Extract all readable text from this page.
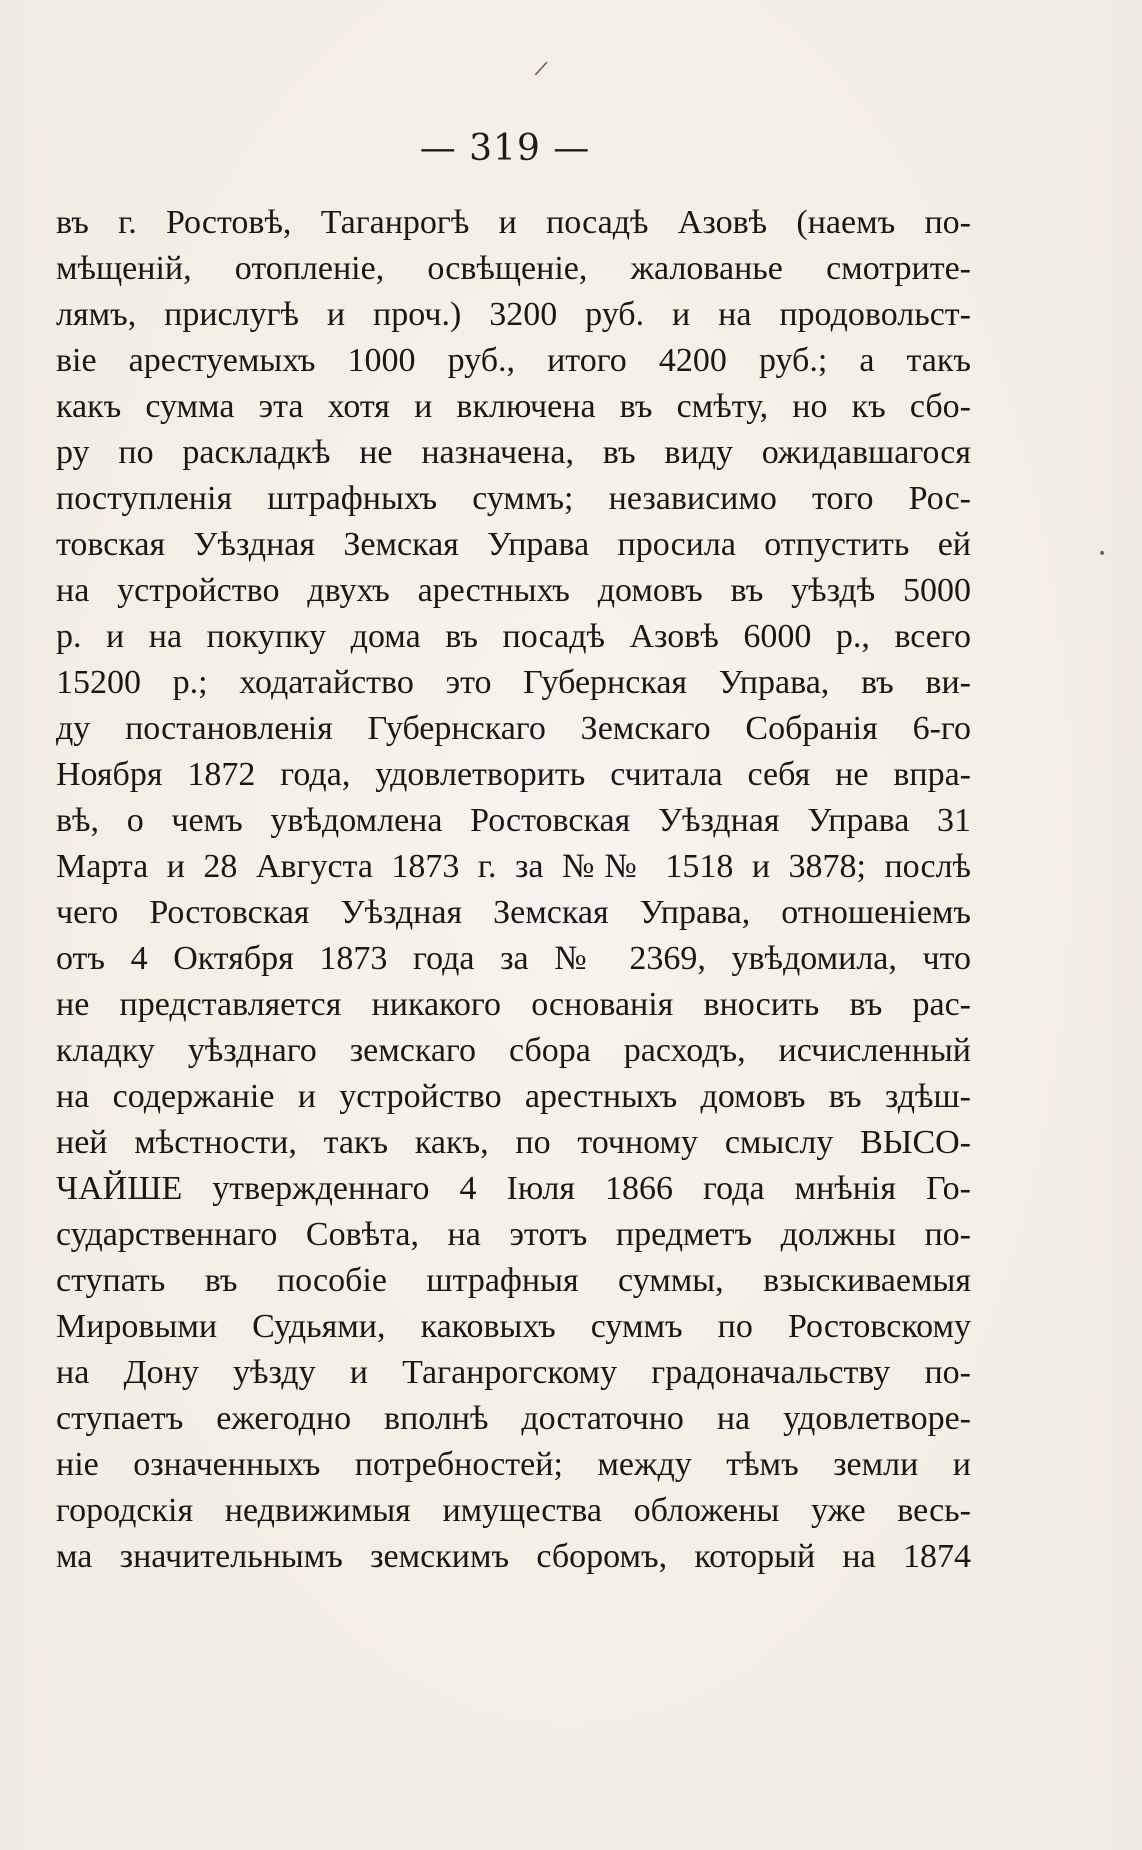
— 319 —
/
•
въ г. Ростовѣ, Таганрогѣ и посадѣ Азовѣ (наемъ по-
мѣщеній, отопленіе, освѣщеніе, жалованье смотрите-
лямъ, прислугѣ и проч.) 3200 руб. и на продовольст-
віе арестуемыхъ 1000 руб., итого 4200 руб.; а такъ
какъ сумма эта хотя и включена въ смѣту, но къ сбо-
ру по раскладкѣ не назначена, въ виду ожидавшагося
поступленія штрафныхъ суммъ; независимо того Рос-
товская Уѣздная Земская Управа просила отпустить ей
на устройство двухъ арестныхъ домовъ въ уѣздѣ 5000
р. и на покупку дома въ посадѣ Азовѣ 6000 р., всего
15200 р.; ходатайство это Губернская Управа, въ ви-
ду постановленія Губернскаго Земскаго Собранія 6-го
Ноября 1872 года, удовлетворить считала себя не впра-
вѣ, о чемъ увѣдомлена Ростовская Уѣздная Управа 31
Марта и 28 Августа 1873 г. за №№ 1518 и 3878; послѣ
чего Ростовская Уѣздная Земская Управа, отношеніемъ
отъ 4 Октября 1873 года за № 2369, увѣдомила, что
не представляется никакого основанія вносить въ рас-
кладку уѣзднаго земскаго сбора расходъ, исчисленный
на содержаніе и устройство арестныхъ домовъ въ здѣш-
ней мѣстности, такъ какъ, по точному смыслу ВЫСО-
ЧАЙШЕ утвержденнаго 4 Іюля 1866 года мнѣнія Го-
сударственнаго Совѣта, на этотъ предметъ должны по-
ступать въ пособіе штрафныя суммы, взыскиваемыя
Мировыми Судьями, каковыхъ суммъ по Ростовскому
на Дону уѣзду и Таганрогскому градоначальству по-
ступаетъ ежегодно вполнѣ достаточно на удовлетворе-
ніе означенныхъ потребностей; между тѣмъ земли и
городскія недвижимыя имущества обложены уже весь-
ма значительнымъ земскимъ сборомъ, который на 1874
